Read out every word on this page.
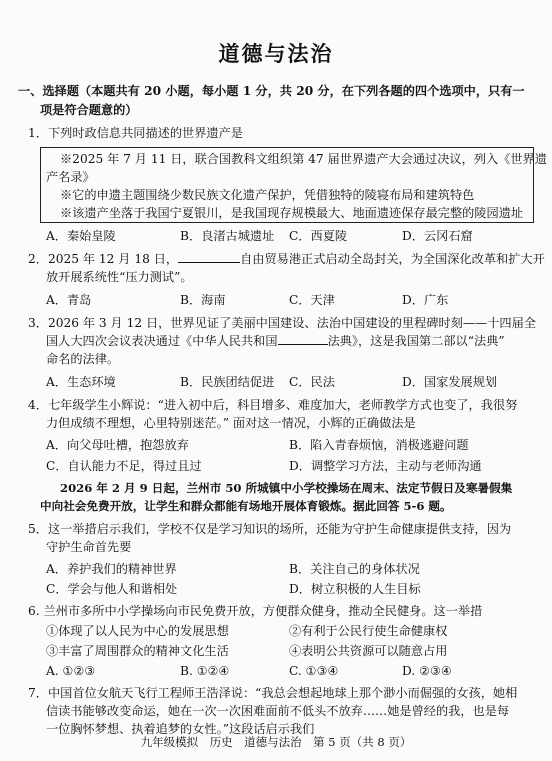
道德与法治
一、选择题（本题共有 20 小题，每小题 1 分，共 20 分，在下列各题的四个选项中，只有一
项是符合题意的）
1．下列时政信息共同描述的世界遗产是
※2025 年 7 月 11 日，联合国教科文组织第 47 届世界遗产大会通过决议，列入《世界遗
产名录》
※它的申遗主题围绕少数民族文化遗产保护，凭借独特的陵寝布局和建筑特色
※该遗产坐落于我国宁夏银川，是我国现存规模最大、地面遗迹保存最完整的陵园遗址
A．秦始皇陵	B．良渚古城遗址 C．西夏陵	D．云冈石窟
2．2025 年 12 月 18 日，	自由贸易港正式启动全岛封关，为全国深化改革和扩大开
放开展系统性“压力测试”。
A．青岛	B．海南	C．天津	D．广东
3．2026 年 3 月 12 日，世界见证了美丽中国建设、法治中国建设的里程碑时刻——十四届全
国人大四次会议表决通过《中华人民共和国	法典》，这是我国第二部以“法典”
命名的法律。
A．生态环境	B．民族团结促进 C．民法	D．国家发展规划
4．七年级学生小辉说：“进入初中后，科目增多、难度加大，老师教学方式也变了，我很努
力但成绩不理想，心里特别迷茫。” 面对这一情况，小辉的正确做法是
A．向父母吐槽，抱怨放弃	B．陷入青春烦恼，消极逃避问题
C．自认能力不足，得过且过	D．调整学习方法，主动与老师沟通
2026 年 2 月 9 日起，兰州市 50 所城镇中小学校操场在周末、法定节假日及寒暑假集
中向社会免费开放，让学生和群众都能有场地开展体育锻炼。据此回答 5-6 题。
5．这一举措启示我们，学校不仅是学习知识的场所，还能为守护生命健康提供支持，因为
守护生命首先要
A．养护我们的精神世界	B．关注自己的身体状况
C．学会与他人和谐相处	D．树立积极的人生目标
6. 兰州市多所中小学操场向市民免费开放，方便群众健身，推动全民健身。这一举措
①体现了以人民为中心的发展思想	②有利于公民行使生命健康权
③丰富了周围群众的精神文化生活	④表明公共资源可以随意占用
A. ①②③	B. ①②④	C. ①③④	D. ②③④
7．中国首位女航天飞行工程师王浩泽说：“我总会想起地球上那个渺小而倔强的女孩，她相
信读书能够改变命运，她在一次一次困难面前不低头不放弃……她是曾经的我，也是每
一位胸怀梦想、执着追梦的女性。”这段话启示我们
九年级模拟　历史　道德与法治　第 5 页（共 8 页）
